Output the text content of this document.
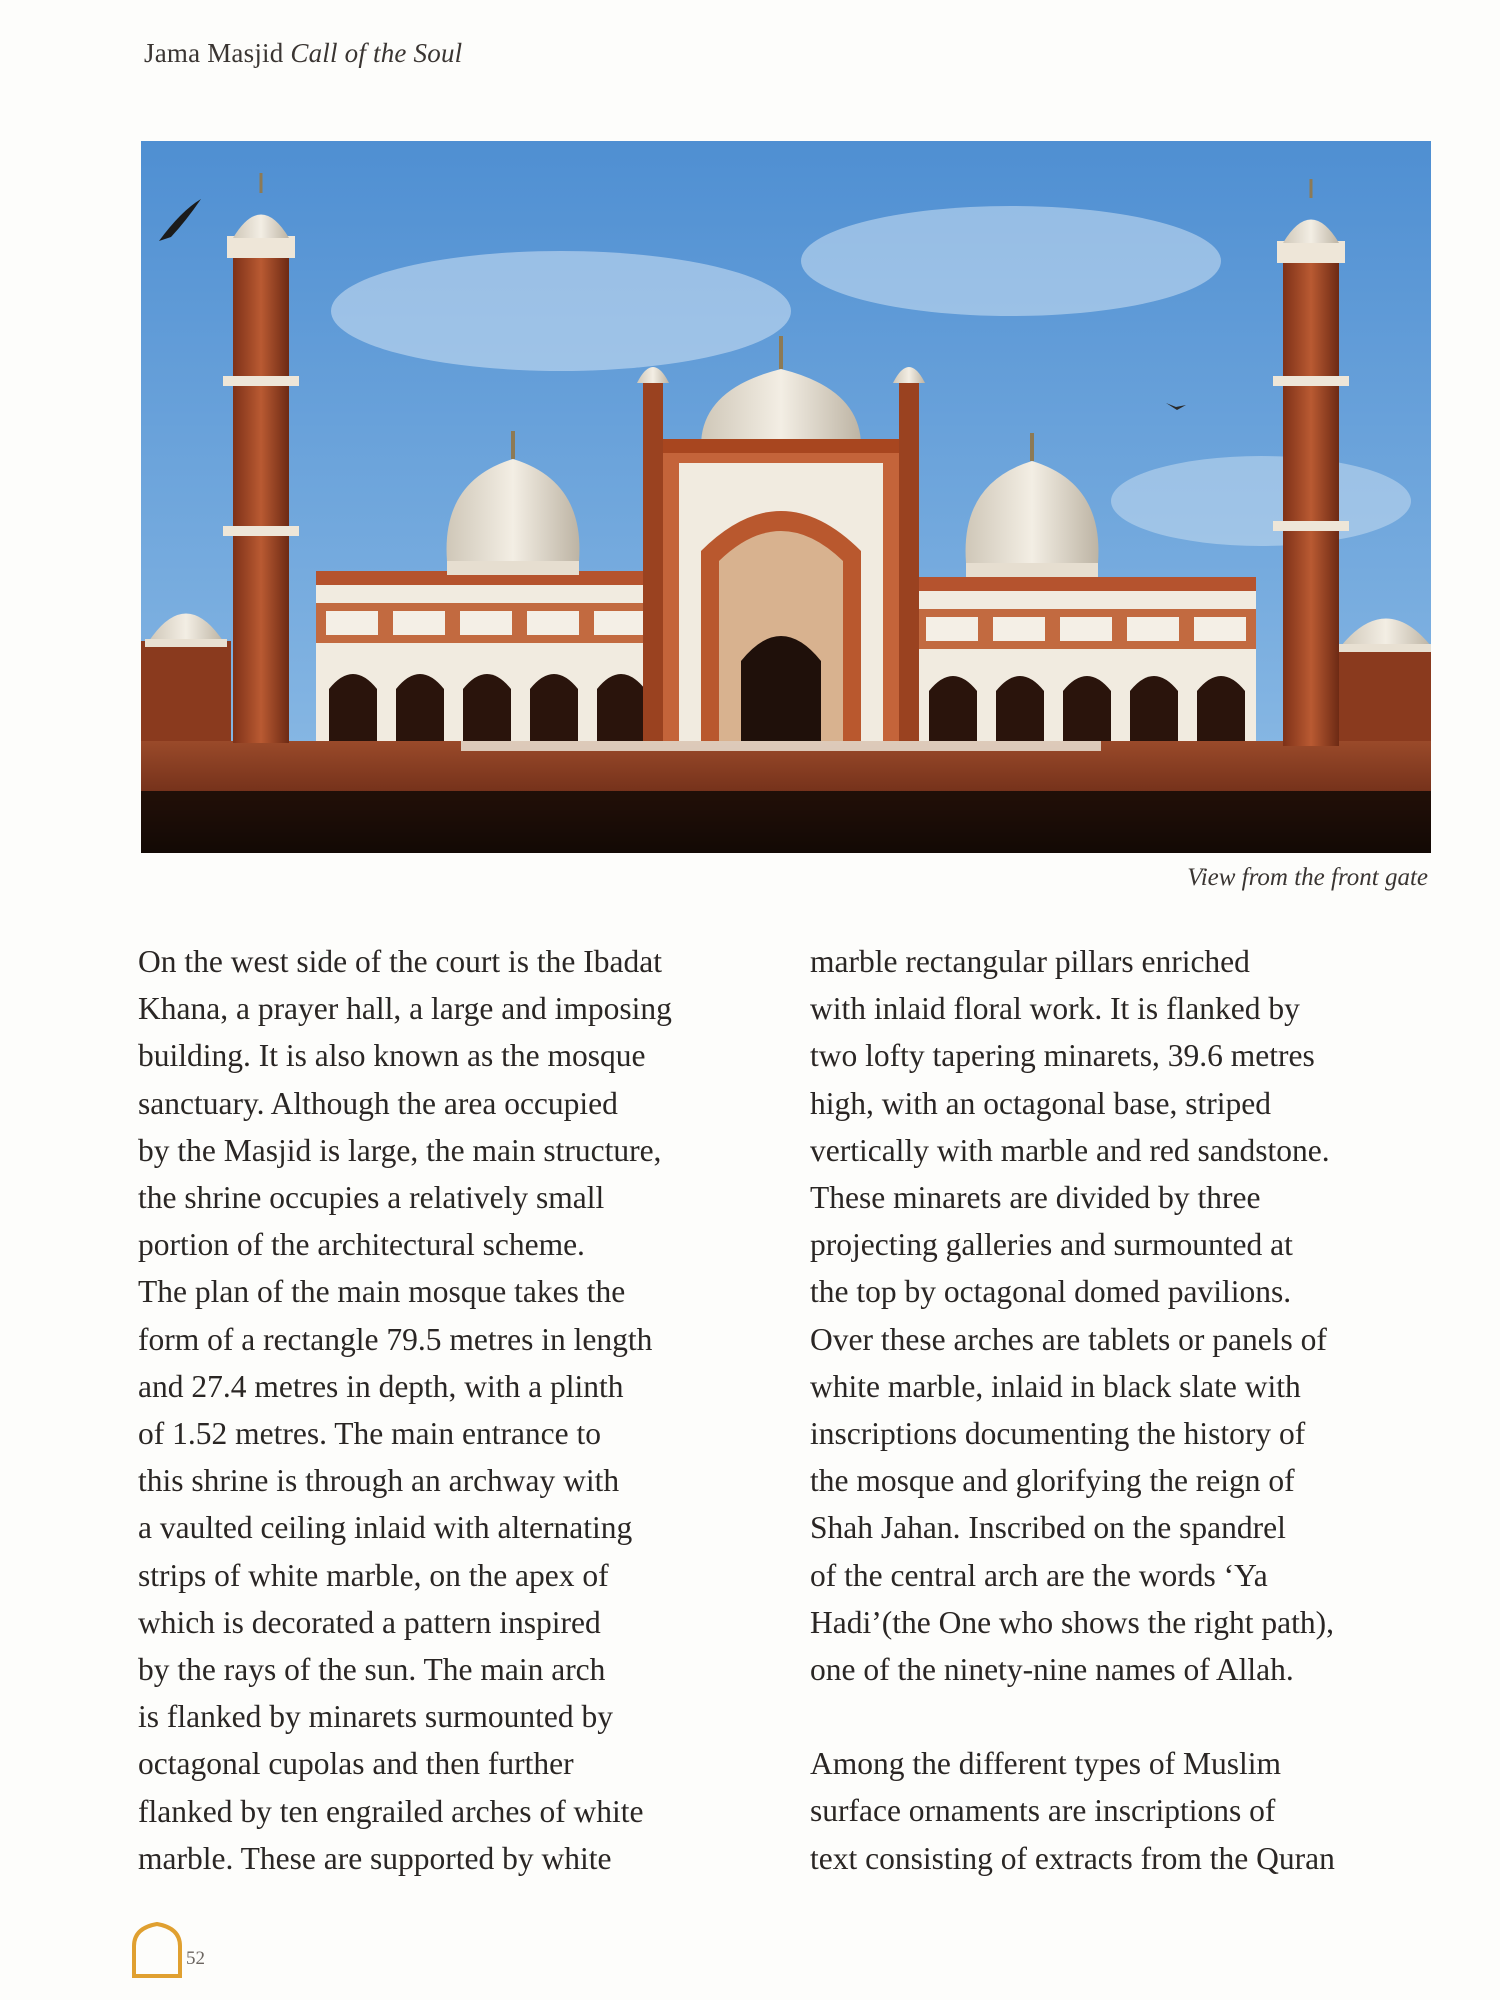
Jama Masjid Call of the Soul
View from the front gate
On the west side of the court is the Ibadat
Khana, a prayer hall, a large and imposing
building. It is also known as the mosque
sanctuary. Although the area occupied
by the Masjid is large, the main structure,
the shrine occupies a relatively small
portion of the architectural scheme.
The plan of the main mosque takes the
form of a rectangle 79.5 metres in length
and 27.4 metres in depth, with a plinth
of 1.52 metres. The main entrance to
this shrine is through an archway with
a vaulted ceiling inlaid with alternating
strips of white marble, on the apex of
which is decorated a pattern inspired
by the rays of the sun. The main arch
is flanked by minarets surmounted by
octagonal cupolas and then further
flanked by ten engrailed arches of white
marble. These are supported by white
marble rectangular pillars enriched
with inlaid floral work. It is flanked by
two lofty tapering minarets, 39.6 metres
high, with an octagonal base, striped
vertically with marble and red sandstone.
These minarets are divided by three
projecting galleries and surmounted at
the top by octagonal domed pavilions.
Over these arches are tablets or panels of
white marble, inlaid in black slate with
inscriptions documenting the history of
the mosque and glorifying the reign of
Shah Jahan. Inscribed on the spandrel
of the central arch are the words ‘Ya
Hadi’(the One who shows the right path),
one of the ninety-nine names of Allah.
Among the different types of Muslim
surface ornaments are inscriptions of
text consisting of extracts from the Quran
52
